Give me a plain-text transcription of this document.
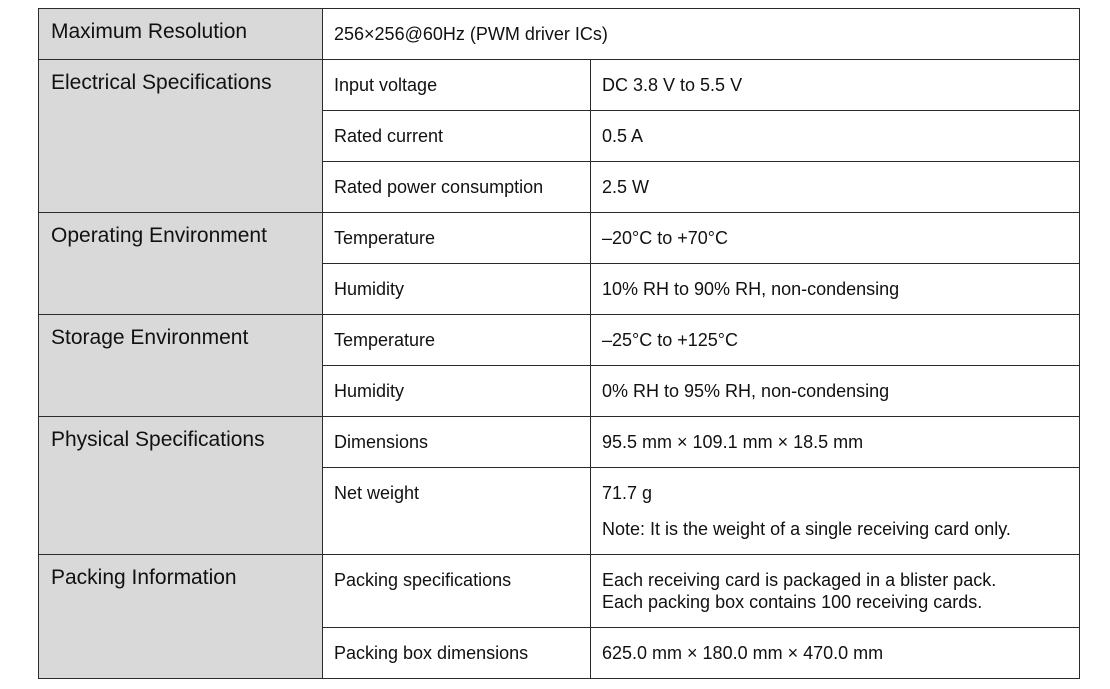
Maximum Resolution	256×256@60Hz (PWM driver ICs)	
Electrical Specifications	Input voltage	DC 3.8 V to 5.5 V
	Rated current	0.5 A
	Rated power consumption	2.5 W
Operating Environment	Temperature	–20°C to +70°C
	Humidity	10% RH to 90% RH, non-condensing
Storage Environment	Temperature	–25°C to +125°C
	Humidity	0% RH to 95% RH, non-condensing
Physical Specifications	Dimensions	95.5 mm × 109.1 mm × 18.5 mm
	Net weight	71.7 g
Note: It is the weight of a single receiving card only.

Packing Information	Packing specifications	Each receiving card is packaged in a blister pack.
Each packing box contains 100 receiving cards.

	Packing box dimensions	625.0 mm × 180.0 mm × 470.0 mm
